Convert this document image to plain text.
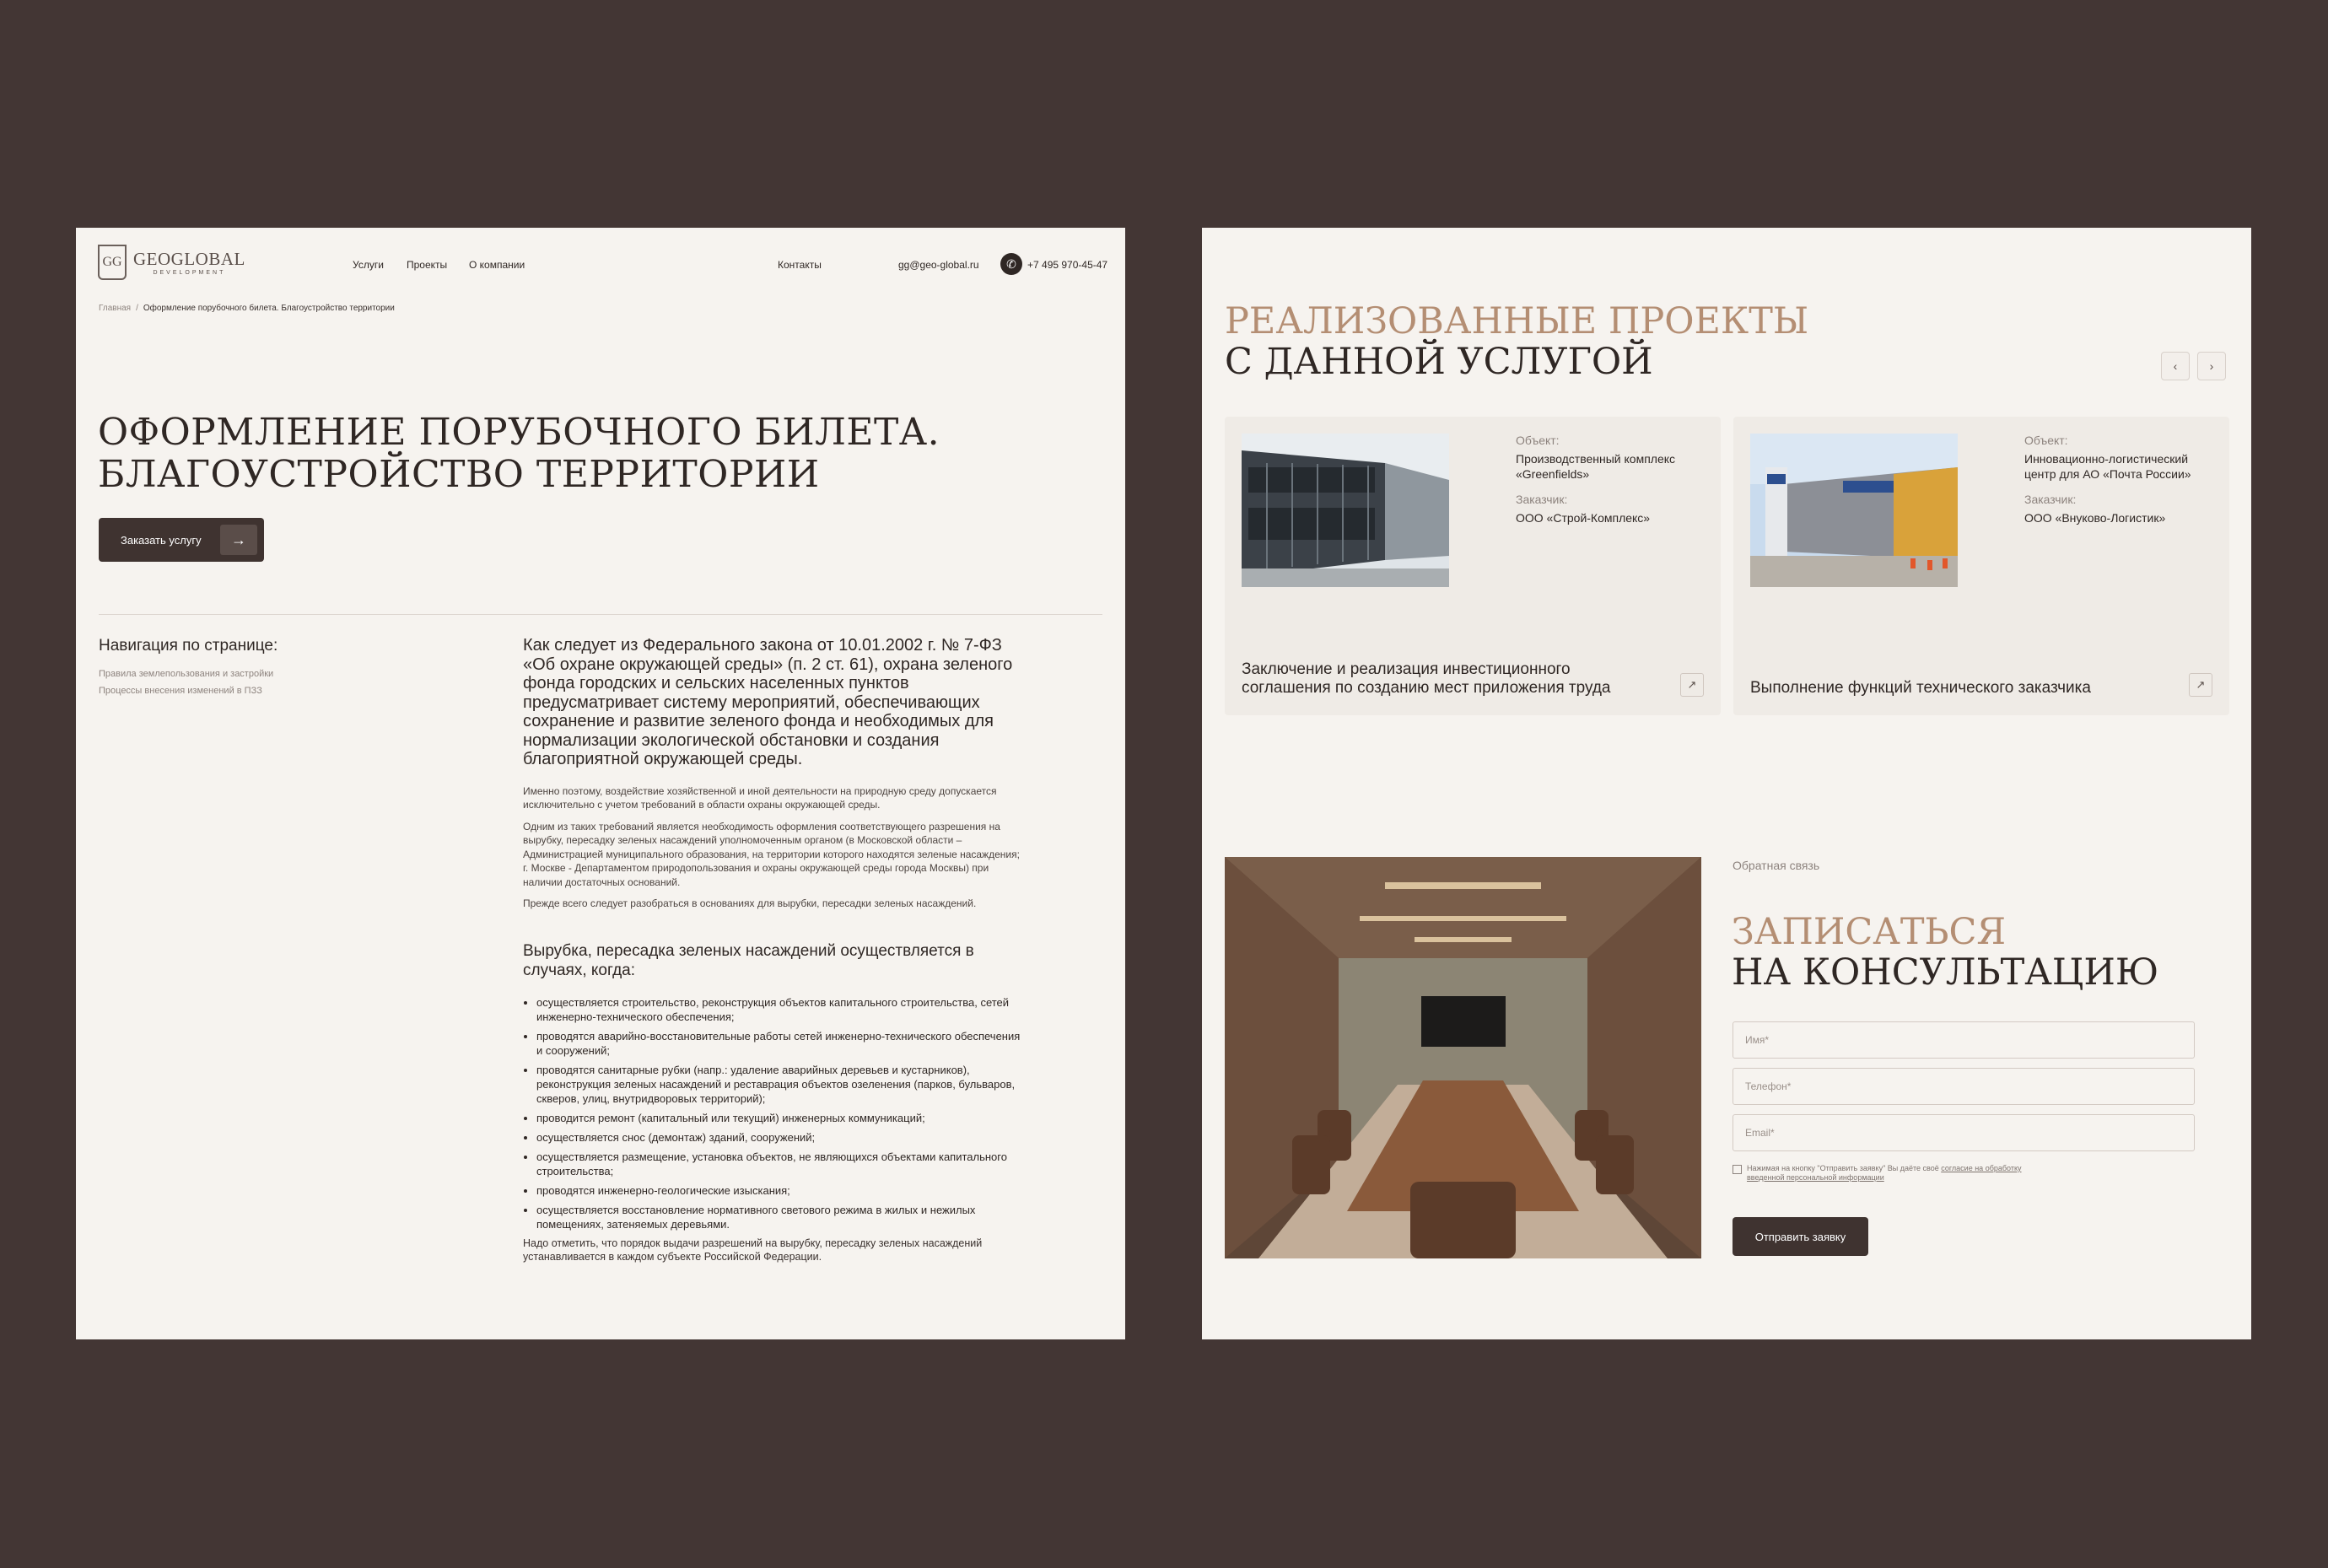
GG GEOGLOBAL
DEVELOPMENT
Услуги Проекты О компании	Контакты	gg@geo-global.ru	✆	+7 495 970-45-47
Главная / Оформление порубочного билета. Благоустройство территории
ОФОРМЛЕНИЕ ПОРУБОЧНОГО БИЛЕТА.
БЛАГОУСТРОЙСТВО ТЕРРИТОРИИ
Заказать услугу	→
Навигация по странице:
Правила землепользования и застройки
Процессы внесения изменений в ПЗЗ

Как следует из Федерального закона от 10.01.2002 г. № 7-ФЗ «Об охране окружающей среды» (п. 2 ст. 61), охрана зеленого фонда городских и сельских населенных пунктов предусматривает систему мероприятий, обеспечивающих сохранение и развитие зеленого фонда и необходимых для нормализации экологической обстановки и создания благоприятной окружающей среды.

Именно поэтому, воздействие хозяйственной и иной деятельности на природную среду допускается исключительно с учетом требований в области охраны окружающей среды.

Одним из таких требований является необходимость оформления соответствующего разрешения на вырубку, пересадку зеленых насаждений уполномоченным органом (в Московской области – Администрацией муниципального образования, на территории которого находятся зеленые насаждения; г. Москве - Департаментом природопользования и охраны окружающей среды города Москвы) при наличии достаточных оснований.

Прежде всего следует разобраться в основаниях для вырубки, пересадки зеленых насаждений.

Вырубка, пересадка зеленых насаждений осуществляется в случаях, когда:
• осуществляется строительство, реконструкция объектов капитального строительства, сетей инженерно-технического обеспечения;
• проводятся аварийно-восстановительные работы сетей инженерно-технического обеспечения и сооружений;
• проводятся санитарные рубки (напр.: удаление аварийных деревьев и кустарников), реконструкция зеленых насаждений и реставрация объектов озеленения (парков, бульваров, скверов, улиц, внутридворовых территорий);
• проводится ремонт (капитальный или текущий) инженерных коммуникаций;
• осуществляется снос (демонтаж) зданий, сооружений;
• осуществляется размещение, установка объектов, не являющихся объектами капитального строительства;
• проводятся инженерно-геологические изыскания;
• осуществляется восстановление нормативного светового режима в жилых и нежилых помещениях, затеняемых деревьями.
Надо отметить, что порядок выдачи разрешений на вырубку, пересадку зеленых насаждений устанавливается в каждом субъекте Российской Федерации.
РЕАЛИЗОВАННЫЕ ПРОЕКТЫ
С ДАННОЙ УСЛУГОЙ	‹	›
Объект:
Производственный комплекс «Greenfields»
Заказчик:
ООО «Строй-Комплекс»
Заключение и реализация инвестиционного соглашения по созданию мест приложения труда	↗
Объект:
Инновационно-логистический центр для АО «Почта России»
Заказчик:
ООО «Внуково-Логистик»
Выполнение функций технического заказчика	↗
Обратная связь
ЗАПИСАТЬСЯ
НА КОНСУЛЬТАЦИЮ
Имя*
Телефон*
Email*
Нажимая на кнопку "Отправить заявку" Вы даёте своё согласие на обработку введенной персональной информации
Отправить заявку
